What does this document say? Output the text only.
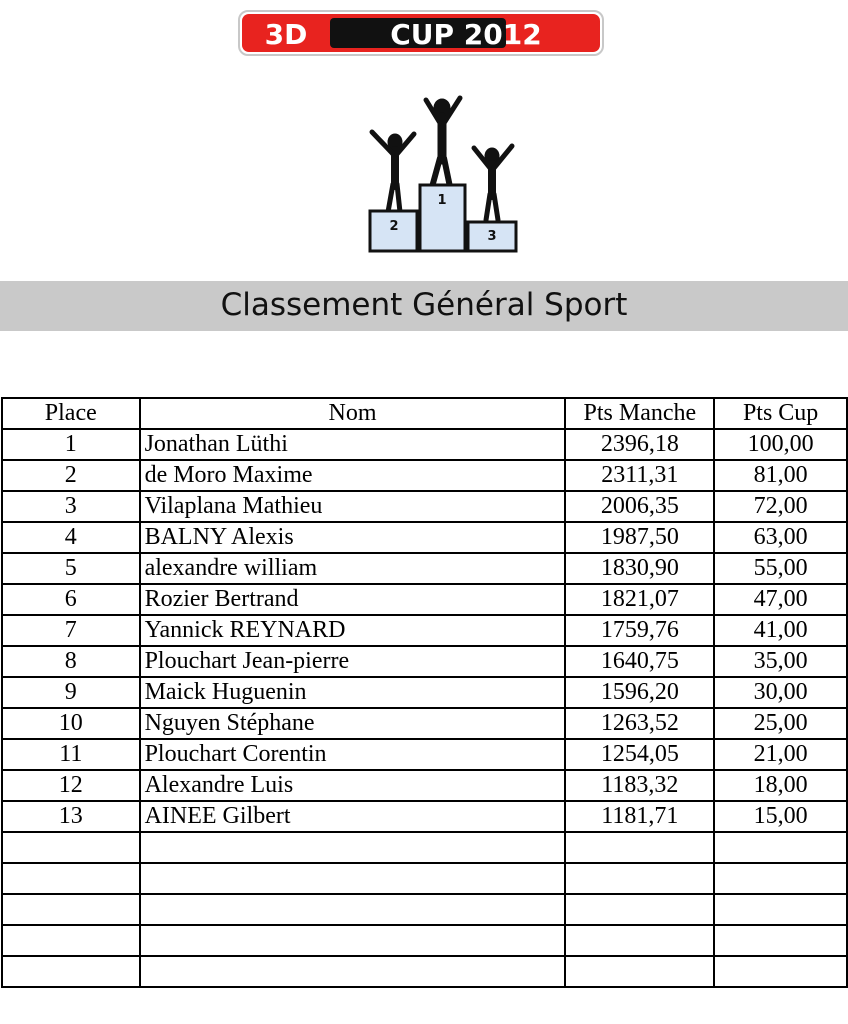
3D	CUP 2012
1
2
3
Classement Général Sport
Place	Nom	Pts Manche	Pts Cup
1	Jonathan Lüthi	2396,18	100,00
2	de Moro Maxime	2311,31	81,00
3	Vilaplana Mathieu	2006,35	72,00
4	BALNY Alexis	1987,50	63,00
5	alexandre william	1830,90	55,00
6	Rozier Bertrand	1821,07	47,00
7	Yannick REYNARD	1759,76	41,00
8	Plouchart Jean-pierre	1640,75	35,00
9	Maick Huguenin	1596,20	30,00
10	Nguyen Stéphane	1263,52	25,00
11	Plouchart Corentin	1254,05	21,00
12	Alexandre Luis	1183,32	18,00
13	AINEE Gilbert	1181,71	15,00
